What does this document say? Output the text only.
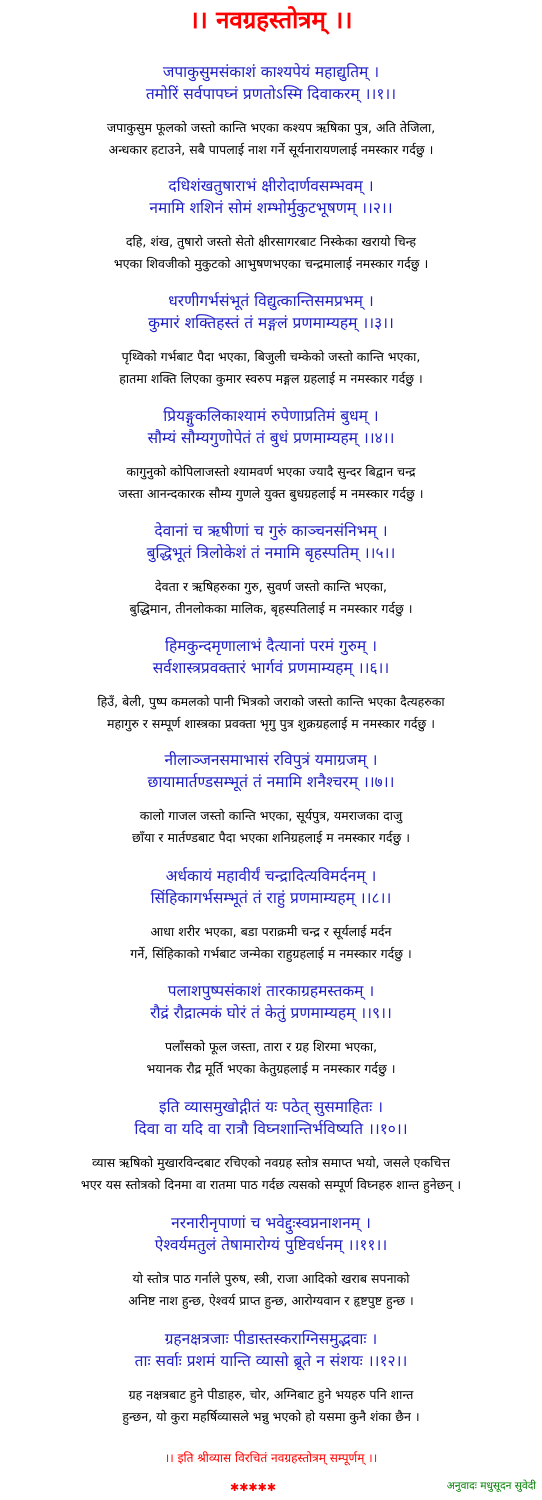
।। नवग्रहस्तोत्रम् ।।
जपाकुसुमसंकाशं काश्यपेयं महाद्युतिम् ।
तमोरिं सर्वपापघ्नं प्रणतोऽस्मि दिवाकरम् ।।१।।
जपाकुसुम फूलको जस्तो कान्ति भएका कश्यप ऋषिका पुत्र, अति तेजिला,
अन्धकार हटाउने, सबै पापलाई नाश गर्ने सूर्यनारायणलाई नमस्कार गर्दछु ।
दधिशंखतुषाराभं क्षीरोदार्णवसम्भवम् ।
नमामि शशिनं सोमं शम्भोर्मुकुटभूषणम् ।।२।।
दहि, शंख, तुषारो जस्तो सेतो क्षीरसागरबाट निस्केका खरायो चिन्ह
भएका शिवजीको मुकुटको आभुषणभएका चन्द्रमालाई नमस्कार गर्दछु ।
धरणीगर्भसंभूतं विद्युत्कान्तिसमप्रभम् ।
कुमारं शक्तिहस्तं तं मङ्गलं प्रणमाम्यहम् ।।३।।
पृथ्विको गर्भबाट पैदा भएका, बिजुली चम्केको जस्तो कान्ति भएका,
हातमा शक्ति लिएका कुमार स्वरुप मङ्गल ग्रहलाई म नमस्कार गर्दछु ।
प्रियङ्गुकलिकाश्यामं रुपेणाप्रतिमं बुधम् ।
सौम्यं सौम्यगुणोपेतं तं बुधं प्रणमाम्यहम् ।।४।।
कागुनुको कोपिलाजस्तो श्यामवर्ण भएका ज्यादै सुन्दर बिद्वान चन्द्र
जस्ता आनन्दकारक सौम्य गुणले युक्त बुधग्रहलाई म नमस्कार गर्दछु ।
देवानां च ऋषीणां च गुरुं काञ्चनसंनिभम् ।
बुद्धिभूतं त्रिलोकेशं तं नमामि बृहस्पतिम् ।।५।।
देवता र ऋषिहरुका गुरु, सुवर्ण जस्तो कान्ति भएका,
बुद्धिमान, तीनलोकका मालिक, बृहस्पतिलाई म नमस्कार गर्दछु ।
हिमकुन्दमृणालाभं दैत्यानां परमं गुरुम् ।
सर्वशास्त्रप्रवक्तारं भार्गवं प्रणमाम्यहम् ।।६।।
हिउँ, बेली, पुष्प कमलको पानी भित्रको जराको जस्तो कान्ति भएका दैत्यहरुका
महागुरु र सम्पूर्ण शास्त्रका प्रवक्ता भृगु पुत्र शुक्रग्रहलाई म नमस्कार गर्दछु ।
नीलाञ्जनसमाभासं रविपुत्रं यमाग्रजम् ।
छायामार्तण्डसम्भूतं तं नमामि शनैश्चरम् ।।७।।
कालो गाजल जस्तो कान्ति भएका, सूर्यपुत्र, यमराजका दाजु
छाँया र मार्तण्डबाट पैदा भएका शनिग्रहलाई म नमस्कार गर्दछु ।
अर्धकायं महावीर्यं चन्द्रादित्यविमर्दनम् ।
सिंहिकागर्भसम्भूतं तं राहुं प्रणमाम्यहम् ।।८।।
आधा शरीर भएका, बडा पराक्रमी चन्द्र र सूर्यलाई मर्दन
गर्ने, सिंहिकाको गर्भबाट जन्मेका राहुग्रहलाई म नमस्कार गर्दछु ।
पलाशपुष्पसंकाशं तारकाग्रहमस्तकम् ।
रौद्रं रौद्रात्मकं घोरं तं केतुं प्रणमाम्यहम् ।।९।।
पलाँसको फूल जस्ता, तारा र ग्रह शिरमा भएका,
भयानक रौद्र मूर्ति भएका केतुग्रहलाई म नमस्कार गर्दछु ।
इति व्यासमुखोद्गीतं यः पठेत् सुसमाहितः ।
दिवा वा यदि वा रात्रौ विघ्नशान्तिर्भविष्यति ।।१०।।
व्यास ऋषिको मुखारविन्दबाट रचिएको नवग्रह स्तोत्र समाप्त भयो, जसले एकचित्त
भएर यस स्तोत्रको दिनमा वा रातमा पाठ गर्दछ त्यसको सम्पूर्ण विघ्नहरु शान्त हुनेछन् ।
नरनारीनृपाणां च भवेद्दुःस्वप्ननाशनम् ।
ऐश्वर्यमतुलं तेषामारोग्यं पुष्टिवर्धनम् ।।११।।
यो स्तोत्र पाठ गर्नाले पुरुष, स्त्री, राजा आदिको खराब सपनाको
अनिष्ट नाश हुन्छ, ऐश्वर्य प्राप्त हुन्छ, आरोग्यवान र हृष्टपुष्ट हुन्छ ।
ग्रहनक्षत्रजाः पीडास्तस्कराग्निसमुद्भवाः ।
ताः सर्वाः प्रशमं यान्ति व्यासो ब्रूते न संशयः ।।१२।।
ग्रह नक्षत्रबाट हुने पीडाहरु, चोर, अग्निबाट हुने भयहरु पनि शान्त
हुन्छन, यो कुरा महर्षिव्यासले भन्नु भएको हो यसमा कुनै शंका छैन ।
।। इति श्रीव्यास विरचितं नवग्रहस्तोत्रम् सम्पूर्णम् ।।
✱✱✱✱✱	अनुवादः मधुसूदन सुवेदी
